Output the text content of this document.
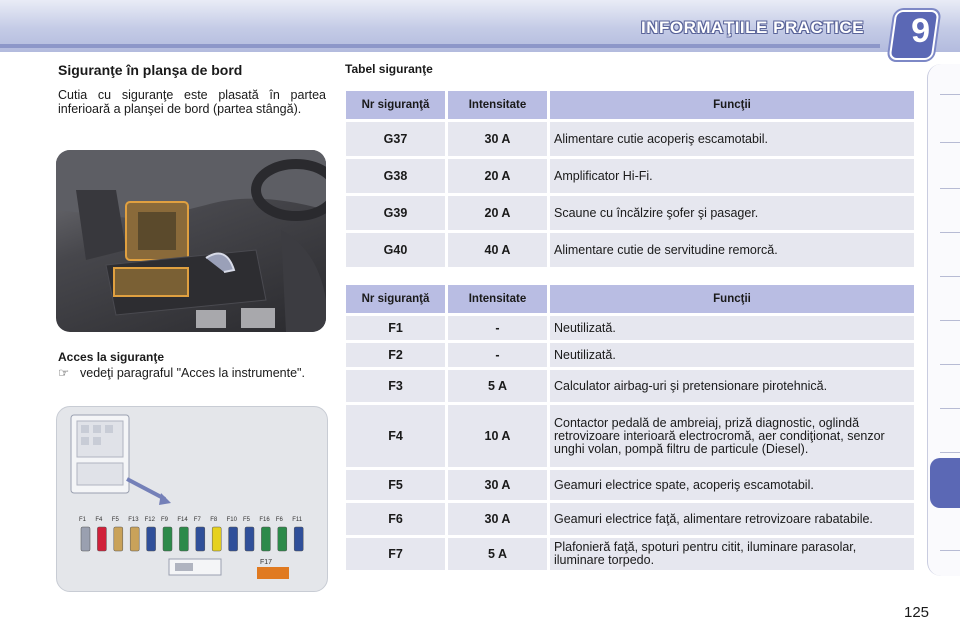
INFORMAŢIILE PRACTICE 9
Siguranţe în planşa de bord
Cutia cu siguranţe este plasată în partea inferioară a planşei de bord (partea stângă).
Acces la siguranţe
☞ vedeţi paragraful "Acces la instrumente".
F17
F1 F4 F5 F13 F12 F9 F14 F7 F8 F10 F5 F16 F6 F11
Tabel siguranţe
Nr siguranţă	Intensitate	Funcţii
G37	30 A	Alimentare cutie acoperiş escamotabil.
G38	20 A	Amplificator Hi-Fi.
G39	20 A	Scaune cu încălzire şofer şi pasager.
G40	40 A	Alimentare cutie de servitudine remorcă.
Nr siguranţă	Intensitate	Funcţii
F1	-	Neutilizată.
F2	-	Neutilizată.
F3	5 A	Calculator airbag-uri şi pretensionare pirotehnică.
F4	10 A	Contactor pedală de ambreiaj, priză diagnostic, oglindă retrovizoare interioară electrocromă, aer condiţionat, senzor unghi volan, pompă filtru de particule (Diesel).
F5	30 A	Geamuri electrice spate, acoperiş escamotabil.
F6	30 A	Geamuri electrice faţă, alimentare retrovizoare rabatabile.
F7	5 A	Plafonieră faţă, spoturi pentru citit, iluminare parasolar, iluminare torpedo.
125
